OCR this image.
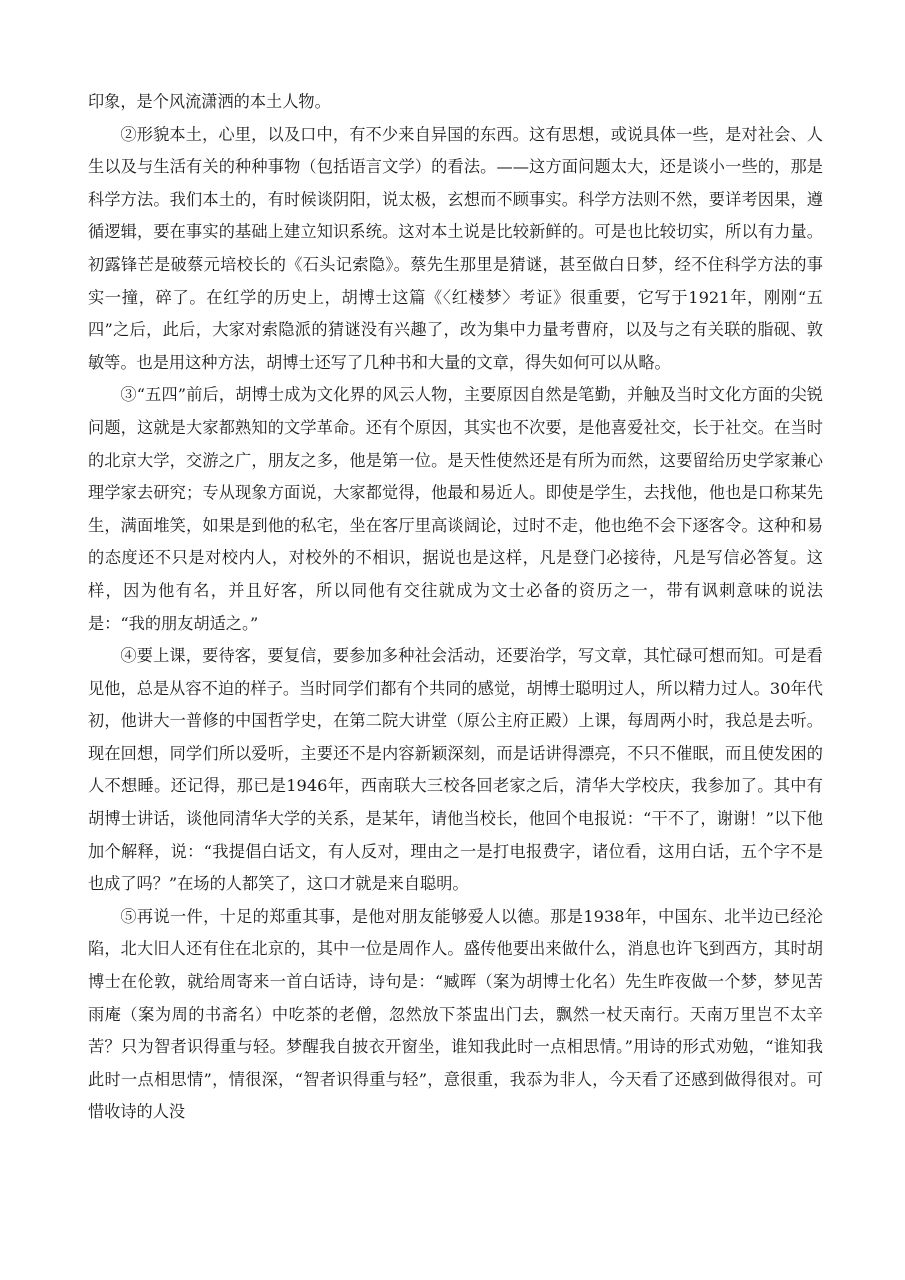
印象，是个风流潇洒的本土人物。

②形貌本土，心里，以及口中，有不少来自异国的东西。这有思想，或说具体一些，是对社会、人生以及与生活有关的种种事物（包括语言文学）的看法。——这方面问题太大，还是谈小一些的，那是科学方法。我们本土的，有时候谈阴阳，说太极，玄想而不顾事实。科学方法则不然，要详考因果，遵循逻辑，要在事实的基础上建立知识系统。这对本土说是比较新鲜的。可是也比较切实，所以有力量。初露锋芒是破蔡元培校长的《石头记索隐》。蔡先生那里是猜谜，甚至做白日梦，经不住科学方法的事实一撞，碎了。在红学的历史上，胡博士这篇《〈红楼梦〉考证》很重要，它写于1921年，刚刚“五四”之后，此后，大家对索隐派的猜谜没有兴趣了，改为集中力量考曹府，以及与之有关联的脂砚、敦敏等。也是用这种方法，胡博士还写了几种书和大量的文章，得失如何可以从略。

③“五四”前后，胡博士成为文化界的风云人物，主要原因自然是笔勤，并触及当时文化方面的尖锐问题，这就是大家都熟知的文学革命。还有个原因，其实也不次要，是他喜爱社交，长于社交。在当时的北京大学，交游之广，朋友之多，他是第一位。是天性使然还是有所为而然，这要留给历史学家兼心理学家去研究；专从现象方面说，大家都觉得，他最和易近人。即使是学生，去找他，他也是口称某先生，满面堆笑，如果是到他的私宅，坐在客厅里高谈阔论，过时不走，他也绝不会下逐客令。这种和易的态度还不只是对校内人，对校外的不相识，据说也是这样，凡是登门必接待，凡是写信必答复。这样，因为他有名，并且好客，所以同他有交往就成为文士必备的资历之一，带有讽刺意味的说法是：“我的朋友胡适之。”

④要上课，要待客，要复信，要参加多种社会活动，还要治学，写文章，其忙碌可想而知。可是看见他，总是从容不迫的样子。当时同学们都有个共同的感觉，胡博士聪明过人，所以精力过人。30年代初，他讲大一普修的中国哲学史，在第二院大讲堂（原公主府正殿）上课，每周两小时，我总是去听。现在回想，同学们所以爱听，主要还不是内容新颖深刻，而是话讲得漂亮，不只不催眠，而且使发困的人不想睡。还记得，那已是1946年，西南联大三校各回老家之后，清华大学校庆，我参加了。其中有胡博士讲话，谈他同清华大学的关系，是某年，请他当校长，他回个电报说：“干不了，谢谢！”以下他加个解释，说：“我提倡白话文，有人反对，理由之一是打电报费字，诸位看，这用白话，五个字不是也成了吗？”在场的人都笑了，这口才就是来自聪明。

⑤再说一件，十足的郑重其事，是他对朋友能够爱人以德。那是1938年，中国东、北半边已经沦陷，北大旧人还有住在北京的，其中一位是周作人。盛传他要出来做什么，消息也许飞到西方，其时胡博士在伦敦，就给周寄来一首白话诗，诗句是：“臧晖（案为胡博士化名）先生昨夜做一个梦，梦见苦雨庵（案为周的书斋名）中吃茶的老僧，忽然放下茶盅出门去，飘然一杖天南行。天南万里岂不太辛苦？只为智者识得重与轻。梦醒我自披衣开窗坐，谁知我此时一点相思情。”用诗的形式劝勉，“谁知我此时一点相思情”，情很深，“智者识得重与轻”，意很重，我忝为非人，今天看了还感到做得很对。可惜收诗的人没
